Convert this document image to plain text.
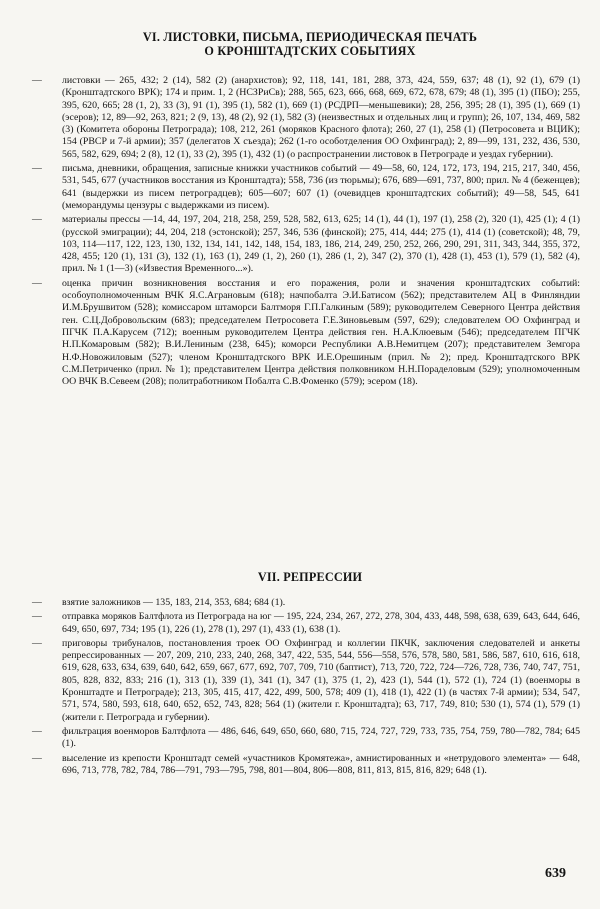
VI. ЛИСТОВКИ, ПИСЬМА, ПЕРИОДИЧЕСКАЯ ПЕЧАТЬ
О КРОНШТАДТСКИХ СОБЫТИЯХ

—	листовки — 265, 432; 2 (14), 582 (2) (анархистов); 92, 118, 141, 181, 288, 373, 424, 559, 637; 48 (1), 92 (1), 679 (1) (Кронштадтского ВРК); 174 и прим. 1, 2 (НСЗРиСв); 288, 565, 623, 666, 668, 669, 672, 678, 679; 48 (1), 395 (1) (ПБО); 255, 395, 620, 665; 28 (1, 2), 33 (3), 91 (1), 395 (1), 582 (1), 669 (1) (РСДРП—меньшевики); 28, 256, 395; 28 (1), 395 (1), 669 (1) (эсеров); 12, 89—92, 263, 821; 2 (9, 13), 48 (2), 92 (1), 582 (3) (неизвестных и отдельных лиц и групп); 26, 107, 134, 469, 582 (3) (Комитета обороны Петрограда); 108, 212, 261 (моряков Красного флота); 260, 27 (1), 258 (1) (Петросовета и ВЦИК); 154 (РВСР и 7-й армии); 357 (делегатов X съезда); 262 (1-го особотделения ОО Охфинград); 2, 89—99, 131, 232, 436, 530, 565, 582, 629, 694; 2 (8), 12 (1), 33 (2), 395 (1), 432 (1) (о распространении листовок в Петрограде и уездах губернии).

—	письма, дневники, обращения, записные книжки участников событий — 49—58, 60, 124, 172, 173, 194, 215, 217, 340, 456, 531, 545, 677 (участников восстания из Кронштадта); 558, 736 (из тюрьмы); 676, 689—691, 737, 800; прил. № 4 (беженцев); 641 (выдержки из писем петроградцев); 605—607; 607 (1) (очевидцев кронштадтских событий); 49—58, 545, 641 (меморандумы цензуры с выдержками из писем).

—	материалы прессы —14, 44, 197, 204, 218, 258, 259, 528, 582, 613, 625; 14 (1), 44 (1), 197 (1), 258 (2), 320 (1), 425 (1); 4 (1) (русской эмиграции); 44, 204, 218 (эстонской); 257, 346, 536 (финской); 275, 414, 444; 275 (1), 414 (1) (советской); 48, 79, 103, 114—117, 122, 123, 130, 132, 134, 141, 142, 148, 154, 183, 186, 214, 249, 250, 252, 266, 290, 291, 311, 343, 344, 355, 372, 428, 455; 120 (1), 131 (3), 132 (1), 163 (1), 249 (1, 2), 260 (1), 286 (1, 2), 347 (2), 370 (1), 428 (1), 453 (1), 579 (1), 582 (4), прил. № 1 (1—3) («Известия Временного...»).

—	оценка причин возникновения восстания и его поражения, роли и значения кронштадтских событий: особоуполномоченным ВЧК Я.С.Аграновым (618); начпобалта Э.И.Батисом (562); представителем АЦ в Финляндии И.М.Брушвитом (528); комиссаром штаморси Балтморя Г.П.Галкиным (589); руководителем Северного Центра действия ген. С.Ц.Добровольским (683); председателем Петросовета Г.Е.Зиновьевым (597, 629); следователем ОО Охфинград и ПГЧК П.А.Карусем (712); военным руководителем Центра действия ген. Н.А.Клюевым (546); председателем ПГЧК Н.П.Комаровым (582); В.И.Лениным (238, 645); коморси Республики А.В.Немитцем (207); представителем Земгора Н.Ф.Новожиловым (527); членом Кронштадтского ВРК И.Е.Орешиным (прил. № 2); пред. Кронштадтского ВРК С.М.Петриченко (прил. № 1); представителем Центра действия полковником Н.Н.Пораделовым (529); уполномоченным ОО ВЧК В.Севеем (208); политработником Побалта С.В.Фоменко (579); эсером (18).

VII. РЕПРЕССИИ

—	взятие заложников — 135, 183, 214, 353, 684; 684 (1).

—	отправка моряков Балтфлота из Петрограда на юг — 195, 224, 234, 267, 272, 278, 304, 433, 448, 598, 638, 639, 643, 644, 646, 649, 650, 697, 734; 195 (1), 226 (1), 278 (1), 297 (1), 433 (1), 638 (1).

—	приговоры трибуналов, постановления троек ОО Охфинград и коллегии ПКЧК, заключения следователей и анкеты репрессированных — 207, 209, 210, 233, 240, 268, 347, 422, 535, 544, 556—558, 576, 578, 580, 581, 586, 587, 610, 616, 618, 619, 628, 633, 634, 639, 640, 642, 659, 667, 677, 692, 707, 709, 710 (баптист), 713, 720, 722, 724—726, 728, 736, 740, 747, 751, 805, 828, 832, 833; 216 (1), 313 (1), 339 (1), 341 (1), 347 (1), 375 (1, 2), 423 (1), 544 (1), 572 (1), 724 (1) (военморы в Кронштадте и Петрограде); 213, 305, 415, 417, 422, 499, 500, 578; 409 (1), 418 (1), 422 (1) (в частях 7-й армии); 534, 547, 571, 574, 580, 593, 618, 640, 652, 652, 743, 828; 564 (1) (жители г. Кронштадта); 63, 717, 749, 810; 530 (1), 574 (1), 579 (1) (жители г. Петрограда и губернии).

—	фильтрация военморов Балтфлота — 486, 646, 649, 650, 660, 680, 715, 724, 727, 729, 733, 735, 754, 759, 780—782, 784; 645 (1).

—	выселение из крепости Кронштадт семей «участников Кромятежа», амнистированных и «нетрудового элемента» — 648, 696, 713, 778, 782, 784, 786—791, 793—795, 798, 801—804, 806—808, 811, 813, 815, 816, 829; 648 (1).

639
